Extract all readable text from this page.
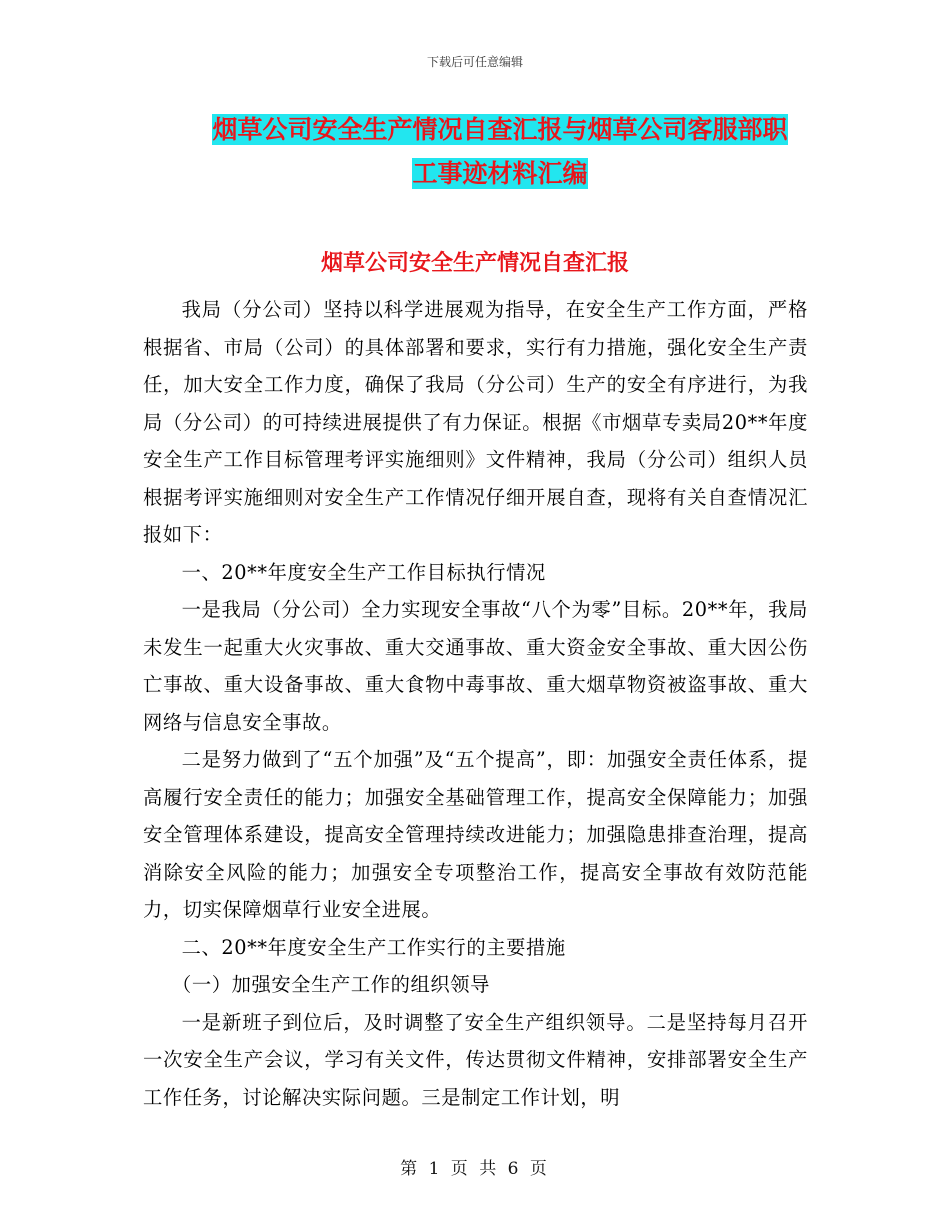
下载后可任意编辑
烟草公司安全生产情况自查汇报与烟草公司客服部职
工事迹材料汇编
烟草公司安全生产情况自查汇报

我局（分公司）坚持以科学进展观为指导，在安全生产工作方面，严格根据省、市局（公司）的具体部署和要求，实行有力措施，强化安全生产责任，加大安全工作力度，确保了我局（分公司）生产的安全有序进行，为我局（分公司）的可持续进展提供了有力保证。根据《市烟草专卖局20**年度安全生产工作目标管理考评实施细则》文件精神，我局（分公司）组织人员根据考评实施细则对安全生产工作情况仔细开展自查，现将有关自查情况汇报如下：

一、20**年度安全生产工作目标执行情况

一是我局（分公司）全力实现安全事故“八个为零”目标。20**年，我局未发生一起重大火灾事故、重大交通事故、重大资金安全事故、重大因公伤亡事故、重大设备事故、重大食物中毒事故、重大烟草物资被盗事故、重大网络与信息安全事故。

二是努力做到了“五个加强”及“五个提高”，即：加强安全责任体系，提高履行安全责任的能力；加强安全基础管理工作，提高安全保障能力；加强安全管理体系建设，提高安全管理持续改进能力；加强隐患排查治理，提高消除安全风险的能力；加强安全专项整治工作，提高安全事故有效防范能力，切实保障烟草行业安全进展。

二、20**年度安全生产工作实行的主要措施

（一）加强安全生产工作的组织领导

一是新班子到位后，及时调整了安全生产组织领导。二是坚持每月召开一次安全生产会议，学习有关文件，传达贯彻文件精神，安排部署安全生产工作任务，讨论解决实际问题。三是制定工作计划，明

第 1 页 共 6 页
